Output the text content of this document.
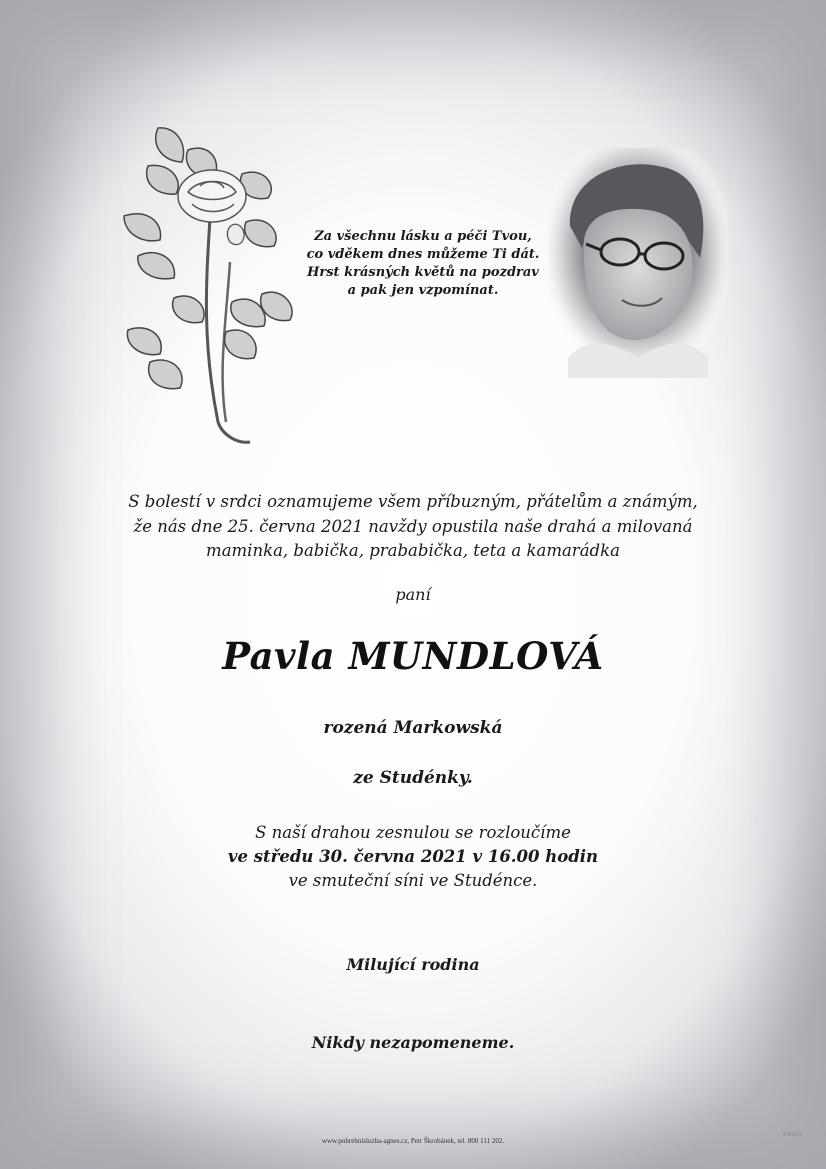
Za všechnu lásku a péči Tvou,
co vděkem dnes můžeme Ti dát.
Hrst krásných květů na pozdrav
a pak jen vzpomínat.
S bolestí v srdci oznamujeme všem příbuzným, přátelům a známým,
že nás dne 25. června 2021 navždy opustila naše drahá a milovaná
maminka, babička, prababička, teta a kamarádka
paní
Pavla MUNDLOVÁ
rozená Markowská
ze Studénky.
S naší drahou zesnulou se rozloučíme
ve středu 30. června 2021 v 16.00 hodin
ve smuteční síni ve Studénce.
Milující rodina
Nikdy nezapomeneme.
www.pohrebnisluzba-agnes.cz, Petr Škrobánek, tel. 800 111 202.
S MOST
